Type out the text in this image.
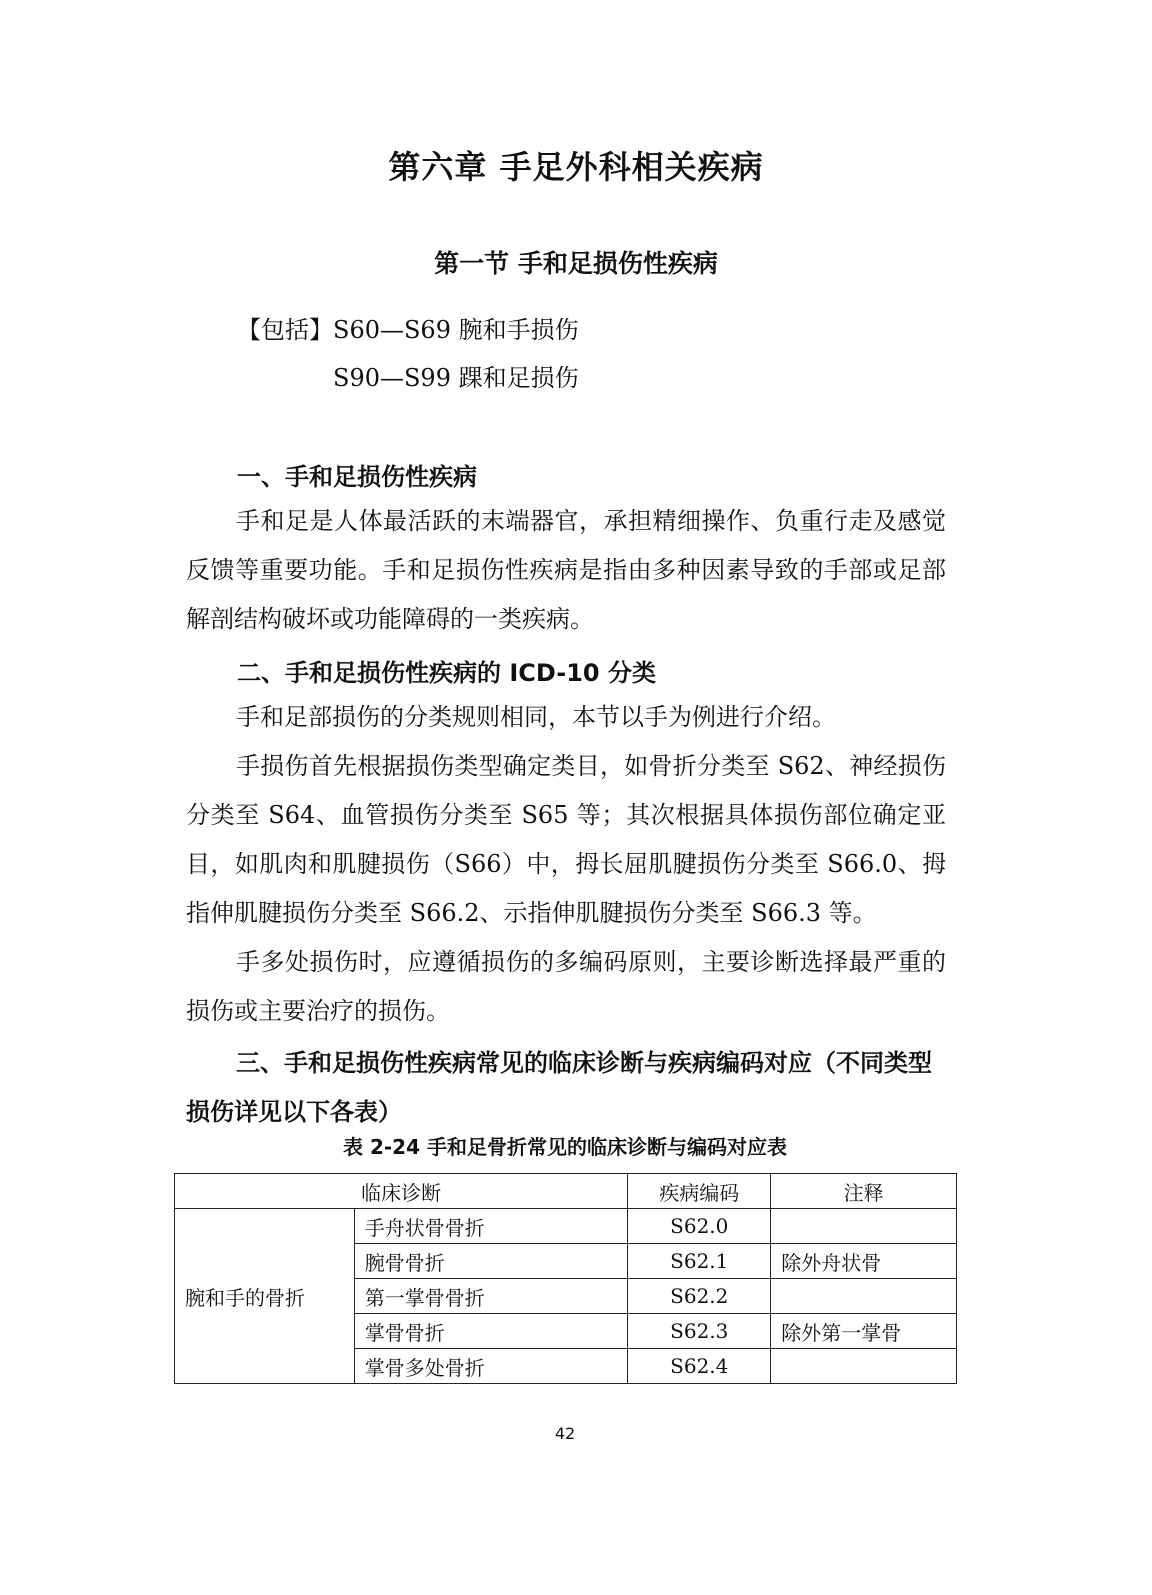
第六章 手足外科相关疾病
第一节 手和足损伤性疾病
【包括】S60—S69 腕和手损伤
S90—S99 踝和足损伤
一、手和足损伤性疾病

手和足是人体最活跃的末端器官，承担精细操作、负重行走及感觉反馈等重要功能。手和足损伤性疾病是指由多种因素导致的手部或足部解剖结构破坏或功能障碍的一类疾病。

二、手和足损伤性疾病的 ICD-10 分类

手和足部损伤的分类规则相同，本节以手为例进行介绍。

手损伤首先根据损伤类型确定类目，如骨折分类至 S62、神经损伤分类至 S64、血管损伤分类至 S65 等；其次根据具体损伤部位确定亚目，如肌肉和肌腱损伤（S66）中，拇长屈肌腱损伤分类至 S66.0、拇指伸肌腱损伤分类至 S66.2、示指伸肌腱损伤分类至 S66.3 等。

手多处损伤时，应遵循损伤的多编码原则，主要诊断选择最严重的损伤或主要治疗的损伤。

三、手和足损伤性疾病常见的临床诊断与疾病编码对应（不同类型损伤详见以下各表）
表 2-24 手和足骨折常见的临床诊断与编码对应表
临床诊断		疾病编码	注释
腕和手的骨折	手舟状骨骨折	S62.0	
	腕骨骨折	S62.1	除外舟状骨
	第一掌骨骨折	S62.2	
	掌骨骨折	S62.3	除外第一掌骨
	掌骨多处骨折	S62.4	
42
